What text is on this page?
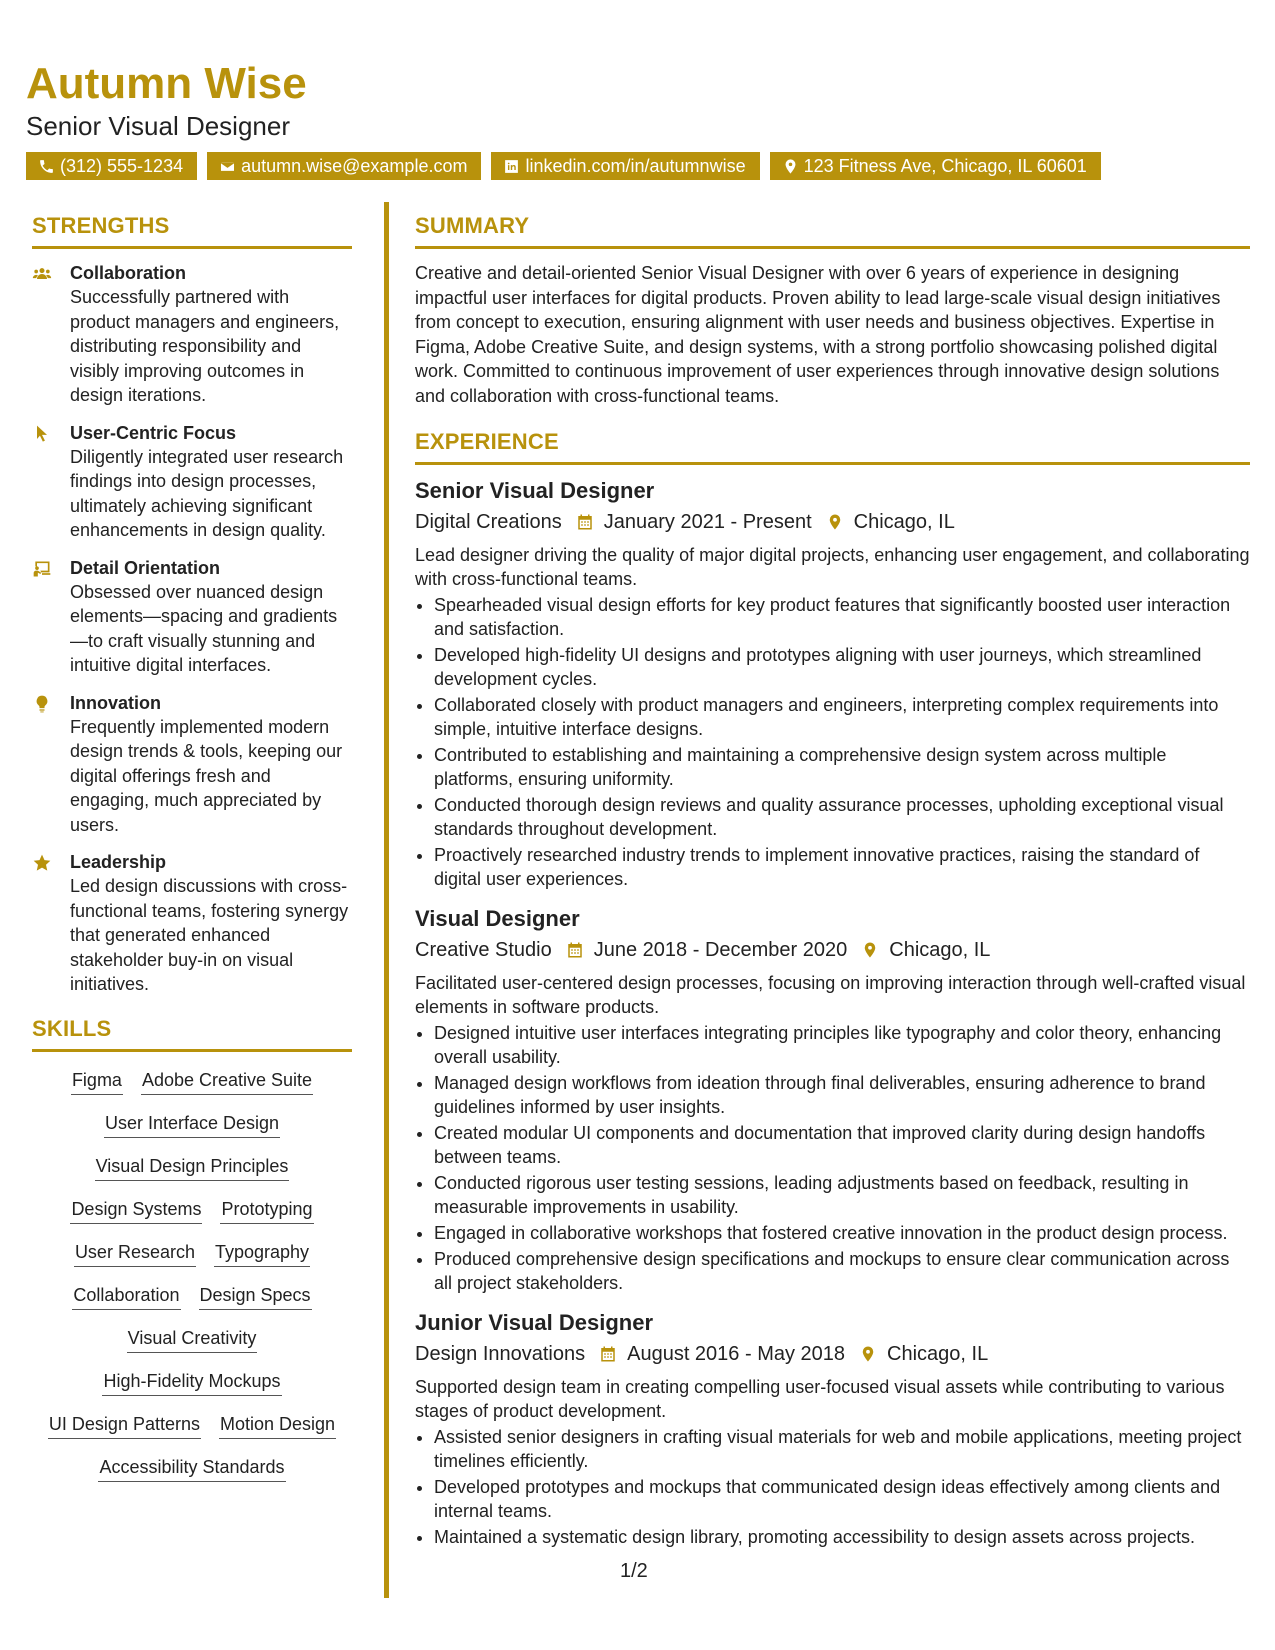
Autumn Wise
Senior Visual Designer
(312) 555-1234	autumn.wise@example.com	linkedin.com/in/autumnwise	123 Fitness Ave, Chicago, IL 60601
STRENGTHS
Collaboration
Successfully partnered with product managers and engineers, distributing responsibility and visibly improving outcomes in design iterations.
User-Centric Focus
Diligently integrated user research findings into design processes, ultimately achieving significant enhancements in design quality.
Detail Orientation
Obsessed over nuanced design elements—spacing and gradients—to craft visually stunning and intuitive digital interfaces.
Innovation
Frequently implemented modern design trends & tools, keeping our digital offerings fresh and engaging, much appreciated by users.
Leadership
Led design discussions with cross-functional teams, fostering synergy that generated enhanced stakeholder buy-in on visual initiatives.
SKILLS
Figma Adobe Creative Suite
User Interface Design
Visual Design Principles
Design Systems Prototyping
User Research Typography
Collaboration Design Specs
Visual Creativity
High-Fidelity Mockups
UI Design Patterns Motion Design
Accessibility Standards
SUMMARY
Creative and detail-oriented Senior Visual Designer with over 6 years of experience in designing impactful user interfaces for digital products. Proven ability to lead large-scale visual design initiatives from concept to execution, ensuring alignment with user needs and business objectives. Expertise in Figma, Adobe Creative Suite, and design systems, with a strong portfolio showcasing polished digital work. Committed to continuous improvement of user experiences through innovative design solutions and collaboration with cross-functional teams.
EXPERIENCE
Senior Visual Designer
Digital Creations January 2021 - Present Chicago, IL
Lead designer driving the quality of major digital projects, enhancing user engagement, and collaborating with cross-functional teams.
• Spearheaded visual design efforts for key product features that significantly boosted user interaction and satisfaction.
• Developed high-fidelity UI designs and prototypes aligning with user journeys, which streamlined development cycles.
• Collaborated closely with product managers and engineers, interpreting complex requirements into simple, intuitive interface designs.
• Contributed to establishing and maintaining a comprehensive design system across multiple platforms, ensuring uniformity.
• Conducted thorough design reviews and quality assurance processes, upholding exceptional visual standards throughout development.
• Proactively researched industry trends to implement innovative practices, raising the standard of digital user experiences.
Visual Designer
Creative Studio June 2018 - December 2020 Chicago, IL
Facilitated user-centered design processes, focusing on improving interaction through well-crafted visual elements in software products.
• Designed intuitive user interfaces integrating principles like typography and color theory, enhancing overall usability.
• Managed design workflows from ideation through final deliverables, ensuring adherence to brand guidelines informed by user insights.
• Created modular UI components and documentation that improved clarity during design handoffs between teams.
• Conducted rigorous user testing sessions, leading adjustments based on feedback, resulting in measurable improvements in usability.
• Engaged in collaborative workshops that fostered creative innovation in the product design process.
• Produced comprehensive design specifications and mockups to ensure clear communication across all project stakeholders.
Junior Visual Designer
Design Innovations August 2016 - May 2018 Chicago, IL
Supported design team in creating compelling user-focused visual assets while contributing to various stages of product development.
• Assisted senior designers in crafting visual materials for web and mobile applications, meeting project timelines efficiently.
• Developed prototypes and mockups that communicated design ideas effectively among clients and internal teams.
• Maintained a systematic design library, promoting accessibility to design assets across projects.
1/2
